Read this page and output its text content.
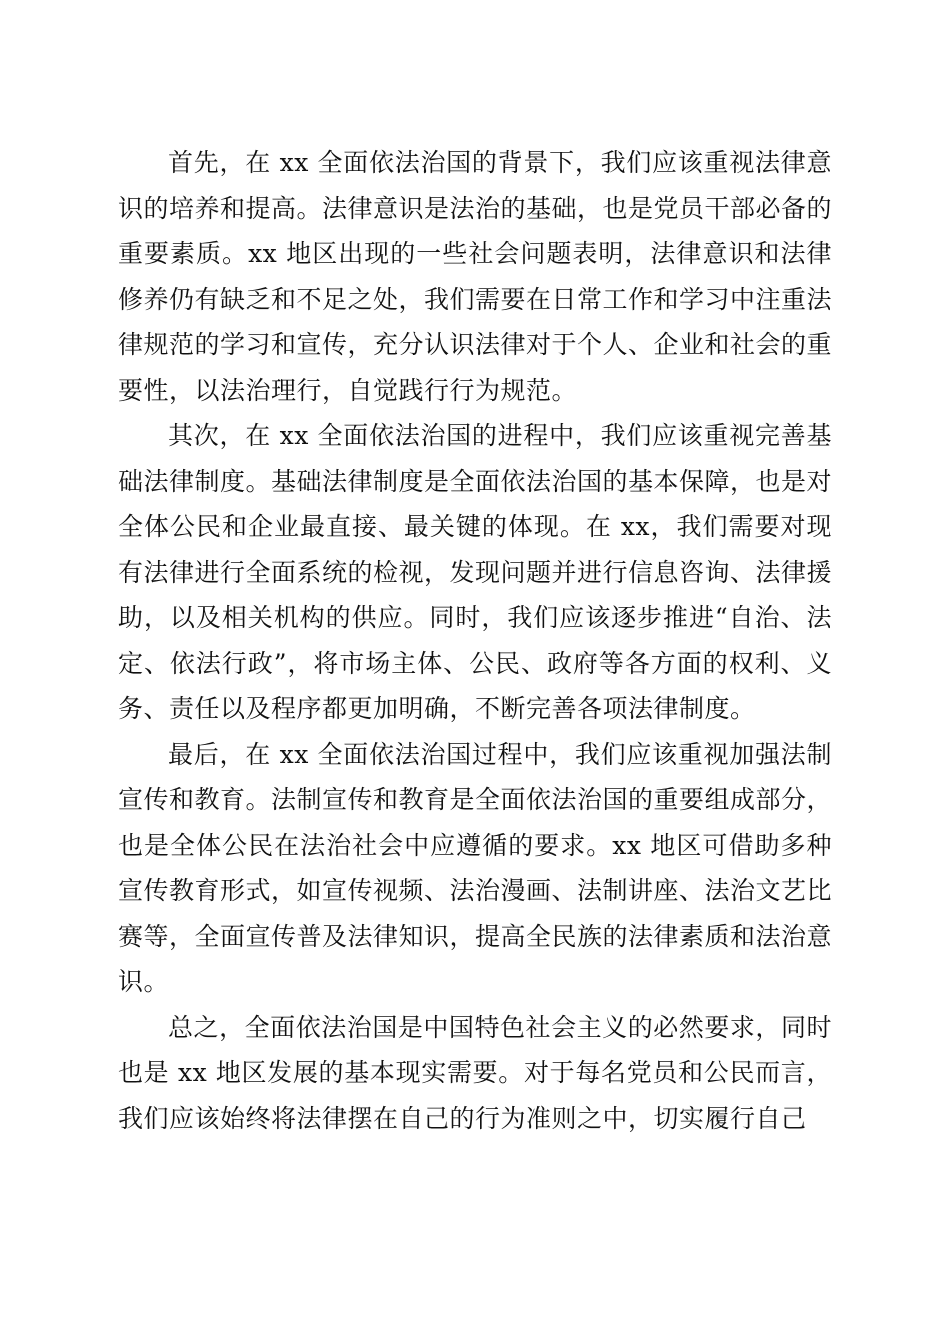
首先，在 xx 全面依法治国的背景下，我们应该重视法律意识的培养和提高。法律意识是法治的基础，也是党员干部必备的重要素质。xx 地区出现的一些社会问题表明，法律意识和法律修养仍有缺乏和不足之处，我们需要在日常工作和学习中注重法律规范的学习和宣传，充分认识法律对于个人、企业和社会的重要性，以法治理行，自觉践行行为规范。

其次，在 xx 全面依法治国的进程中，我们应该重视完善基础法律制度。基础法律制度是全面依法治国的基本保障，也是对全体公民和企业最直接、最关键的体现。在 xx，我们需要对现有法律进行全面系统的检视，发现问题并进行信息咨询、法律援助，以及相关机构的供应。同时，我们应该逐步推进“自治、法定、依法行政”，将市场主体、公民、政府等各方面的权利、义务、责任以及程序都更加明确，不断完善各项法律制度。

最后，在 xx 全面依法治国过程中，我们应该重视加强法制宣传和教育。法制宣传和教育是全面依法治国的重要组成部分，也是全体公民在法治社会中应遵循的要求。xx 地区可借助多种宣传教育形式，如宣传视频、法治漫画、法制讲座、法治文艺比赛等，全面宣传普及法律知识，提高全民族的法律素质和法治意识。

总之，全面依法治国是中国特色社会主义的必然要求，同时也是 xx 地区发展的基本现实需要。对于每名党员和公民而言，我们应该始终将法律摆在自己的行为准则之中，切实履行自己
